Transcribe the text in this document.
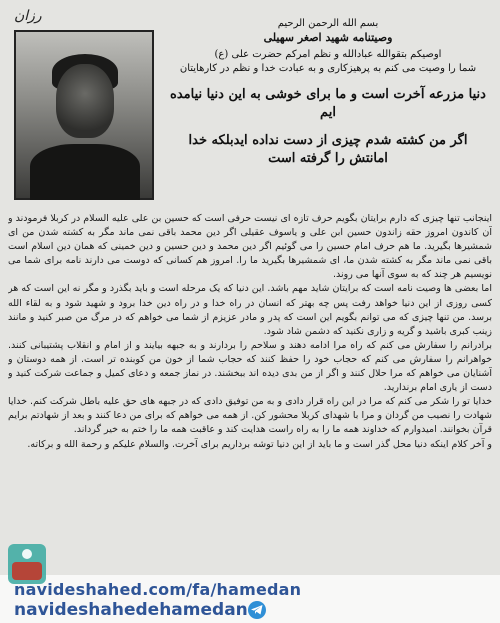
رزان	بسم الله الرحمن الرحیم
وصیتنامه شهید اصغر سهیلی
اوصیکم بتقوالله عبادالله و نظم امرکم حضرت علی (ع)
شما را وصیت می کنم به پرهیزکاری و به عبادت خدا و نظم در کارهایتان
دنیا مزرعه آخرت است و ما برای خوشی به این دنیا نیامده ایم
اگر من کشته شدم چیزی از دست نداده ایدبلکه خدا امانتش را گرفته است

اینجانب تنها چیزی که دارم برایتان بگویم حرف تازه ای نیست حرفی است که حسین بن علی علیه السلام در کربلا فرمودند و آن کاندون امروز حقه زاندون حسین ابن علی و یاسوف عقیلی اگر دین محمد باقی نمی ماند مگر به کشته شدن من ای شمشیرها بگیرید. ما هم حرف امام حسین را می گوئیم اگر دین محمد و دین حسین و دین خمینی که همان دین اسلام است باقی نمی ماند مگر به کشته شدن ما، ای شمشیرها بگیرید ما را. امروز هم کسانی که دوست می دارند نامه برای شما می نویسیم هر چند که به سوی آنها می روند.

اما بعضی ها وصیت نامه است که برایتان شاید مهم باشد. این دنیا که یک مرحله است و باید بگذرد و مگر نه این است که هر کسی روزی از این دنیا خواهد رفت پس چه بهتر که انسان در راه خدا و در راه دین خدا برود و شهید شود و به لقاء الله برسد. من تنها چیزی که می توانم بگویم این است که پدر و مادر عزیزم از شما می خواهم که در مرگ من صبر کنید و مانند زینب کبری باشید و گریه و زاری نکنید که دشمن شاد شود.

برادرانم را سفارش می کنم که راه مرا ادامه دهند و سلاحم را بردارند و به جبهه بیایند و از امام و انقلاب پشتیبانی کنند. خواهرانم را سفارش می کنم که حجاب خود را حفظ کنند که حجاب شما از خون من کوبنده تر است. از همه دوستان و آشنایان می خواهم که مرا حلال کنند و اگر از من بدی دیده اند ببخشند. در نماز جمعه و دعای کمیل و جماعت شرکت کنید و دست از یاری امام برندارید.

خدایا تو را شکر می کنم که مرا در این راه قرار دادی و به من توفیق دادی که در جبهه های حق علیه باطل شرکت کنم. خدایا شهادت را نصیب من گردان و مرا با شهدای کربلا محشور کن. از همه می خواهم که برای من دعا کنند و بعد از شهادتم برایم قرآن بخوانند. امیدوارم که خداوند همه ما را به راه راست هدایت کند و عاقبت همه ما را ختم به خیر گرداند.

و آخر کلام اینکه دنیا محل گذر است و ما باید از این دنیا توشه برداریم برای آخرت. والسلام علیکم و رحمة الله و برکاته.

navideshahed.com/fa/hamedan
navideshahedehamedan
